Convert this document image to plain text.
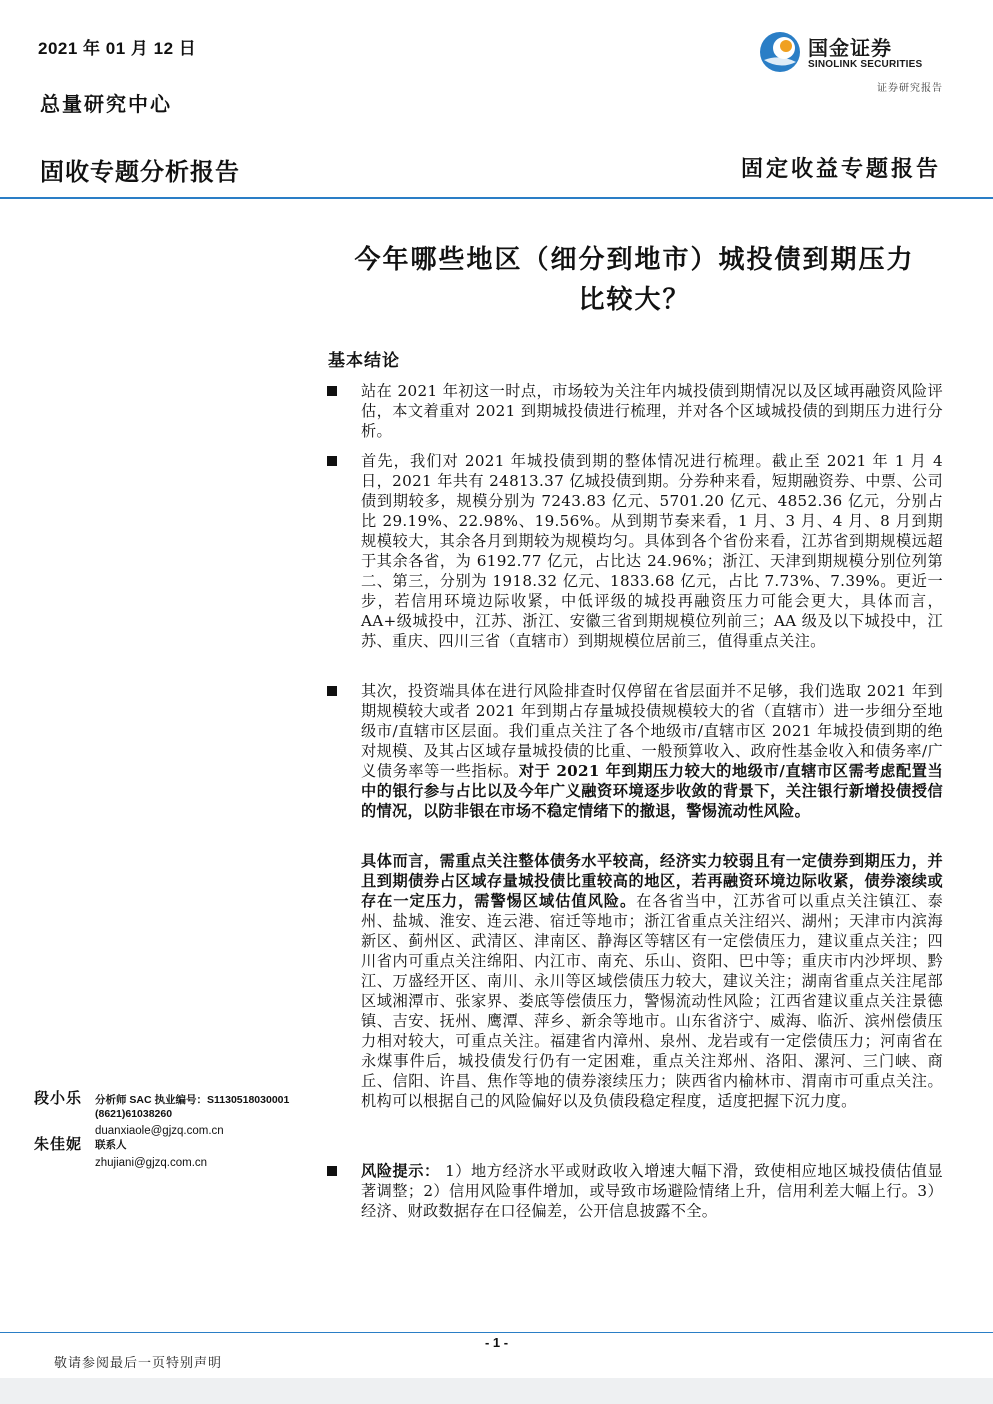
2021 年 01 月 12 日
总量研究中心
国金证券
SINOLINK SECURITIES
证券研究报告
固收专题分析报告	固定收益专题报告
今年哪些地区（细分到地市）城投债到期压力
比较大？
基本结论
站在 2021 年初这一时点，市场较为关注年内城投债到期情况以及区域再融资风险评估，本文着重对 2021 到期城投债进行梳理，并对各个区域城投债的到期压力进行分析。
首先，我们对 2021 年城投债到期的整体情况进行梳理。截止至 2021 年 1 月 4 日，2021 年共有 24813.37 亿城投债到期。分券种来看，短期融资券、中票、公司债到期较多，规模分别为 7243.83 亿元、5701.20 亿元、4852.36 亿元，分别占比 29.19%、22.98%、19.56%。从到期节奏来看，1 月、3 月、4 月、8 月到期规模较大，其余各月到期较为规模均匀。具体到各个省份来看，江苏省到期规模远超于其余各省，为 6192.77 亿元，占比达 24.96%；浙江、天津到期规模分别位列第二、第三，分别为 1918.32 亿元、1833.68 亿元，占比 7.73%、7.39%。更近一步，若信用环境边际收紧，中低评级的城投再融资压力可能会更大，具体而言，AA+级城投中，江苏、浙江、安徽三省到期规模位列前三；AA 级及以下城投中，江苏、重庆、四川三省（直辖市）到期规模位居前三，值得重点关注。
其次，投资端具体在进行风险排查时仅停留在省层面并不足够，我们选取 2021 年到期规模较大或者 2021 年到期占存量城投债规模较大的省（直辖市）进一步细分至地级市/直辖市区层面。我们重点关注了各个地级市/直辖市区 2021 年城投债到期的绝对规模、及其占区域存量城投债的比重、一般预算收入、政府性基金收入和债务率/广义债务率等一些指标。对于 2021 年到期压力较大的地级市/直辖市区需考虑配置当中的银行参与占比以及今年广义融资环境逐步收敛的背景下，关注银行新增投债授信的情况，以防非银在市场不稳定情绪下的撤退，警惕流动性风险。
具体而言，需重点关注整体债务水平较高，经济实力较弱且有一定债券到期压力，并且到期债券占区域存量城投债比重较高的地区，若再融资环境边际收紧，债券滚续或存在一定压力，需警惕区域估值风险。在各省当中，江苏省可以重点关注镇江、泰州、盐城、淮安、连云港、宿迁等地市；浙江省重点关注绍兴、湖州；天津市内滨海新区、蓟州区、武清区、津南区、静海区等辖区有一定偿债压力，建议重点关注；四川省内可重点关注绵阳、内江市、南充、乐山、资阳、巴中等；重庆市内沙坪坝、黔江、万盛经开区、南川、永川等区域偿债压力较大，建议关注；湖南省重点关注尾部区域湘潭市、张家界、娄底等偿债压力，警惕流动性风险；江西省建议重点关注景德镇、吉安、抚州、鹰潭、萍乡、新余等地市。山东省济宁、威海、临沂、滨州偿债压力相对较大，可重点关注。福建省内漳州、泉州、龙岩或有一定偿债压力；河南省在永煤事件后，城投债发行仍有一定困难，重点关注郑州、洛阳、漯河、三门峡、商丘、信阳、许昌、焦作等地的债券滚续压力；陕西省内榆林市、渭南市可重点关注。机构可以根据自己的风险偏好以及负债段稳定程度，适度把握下沉力度。
风险提示： 1）地方经济水平或财政收入增速大幅下滑，致使相应地区城投债估值显著调整；2）信用风险事件增加，或导致市场避险情绪上升，信用利差大幅上行。3）经济、财政数据存在口径偏差，公开信息披露不全。
段小乐 分析师 SAC 执业编号：S1130518030001
(8621)61038260
duanxiaole@gjzq.com.cn
朱佳妮 联系人
zhujiani@gjzq.com.cn
- 1 -
敬请参阅最后一页特别声明
